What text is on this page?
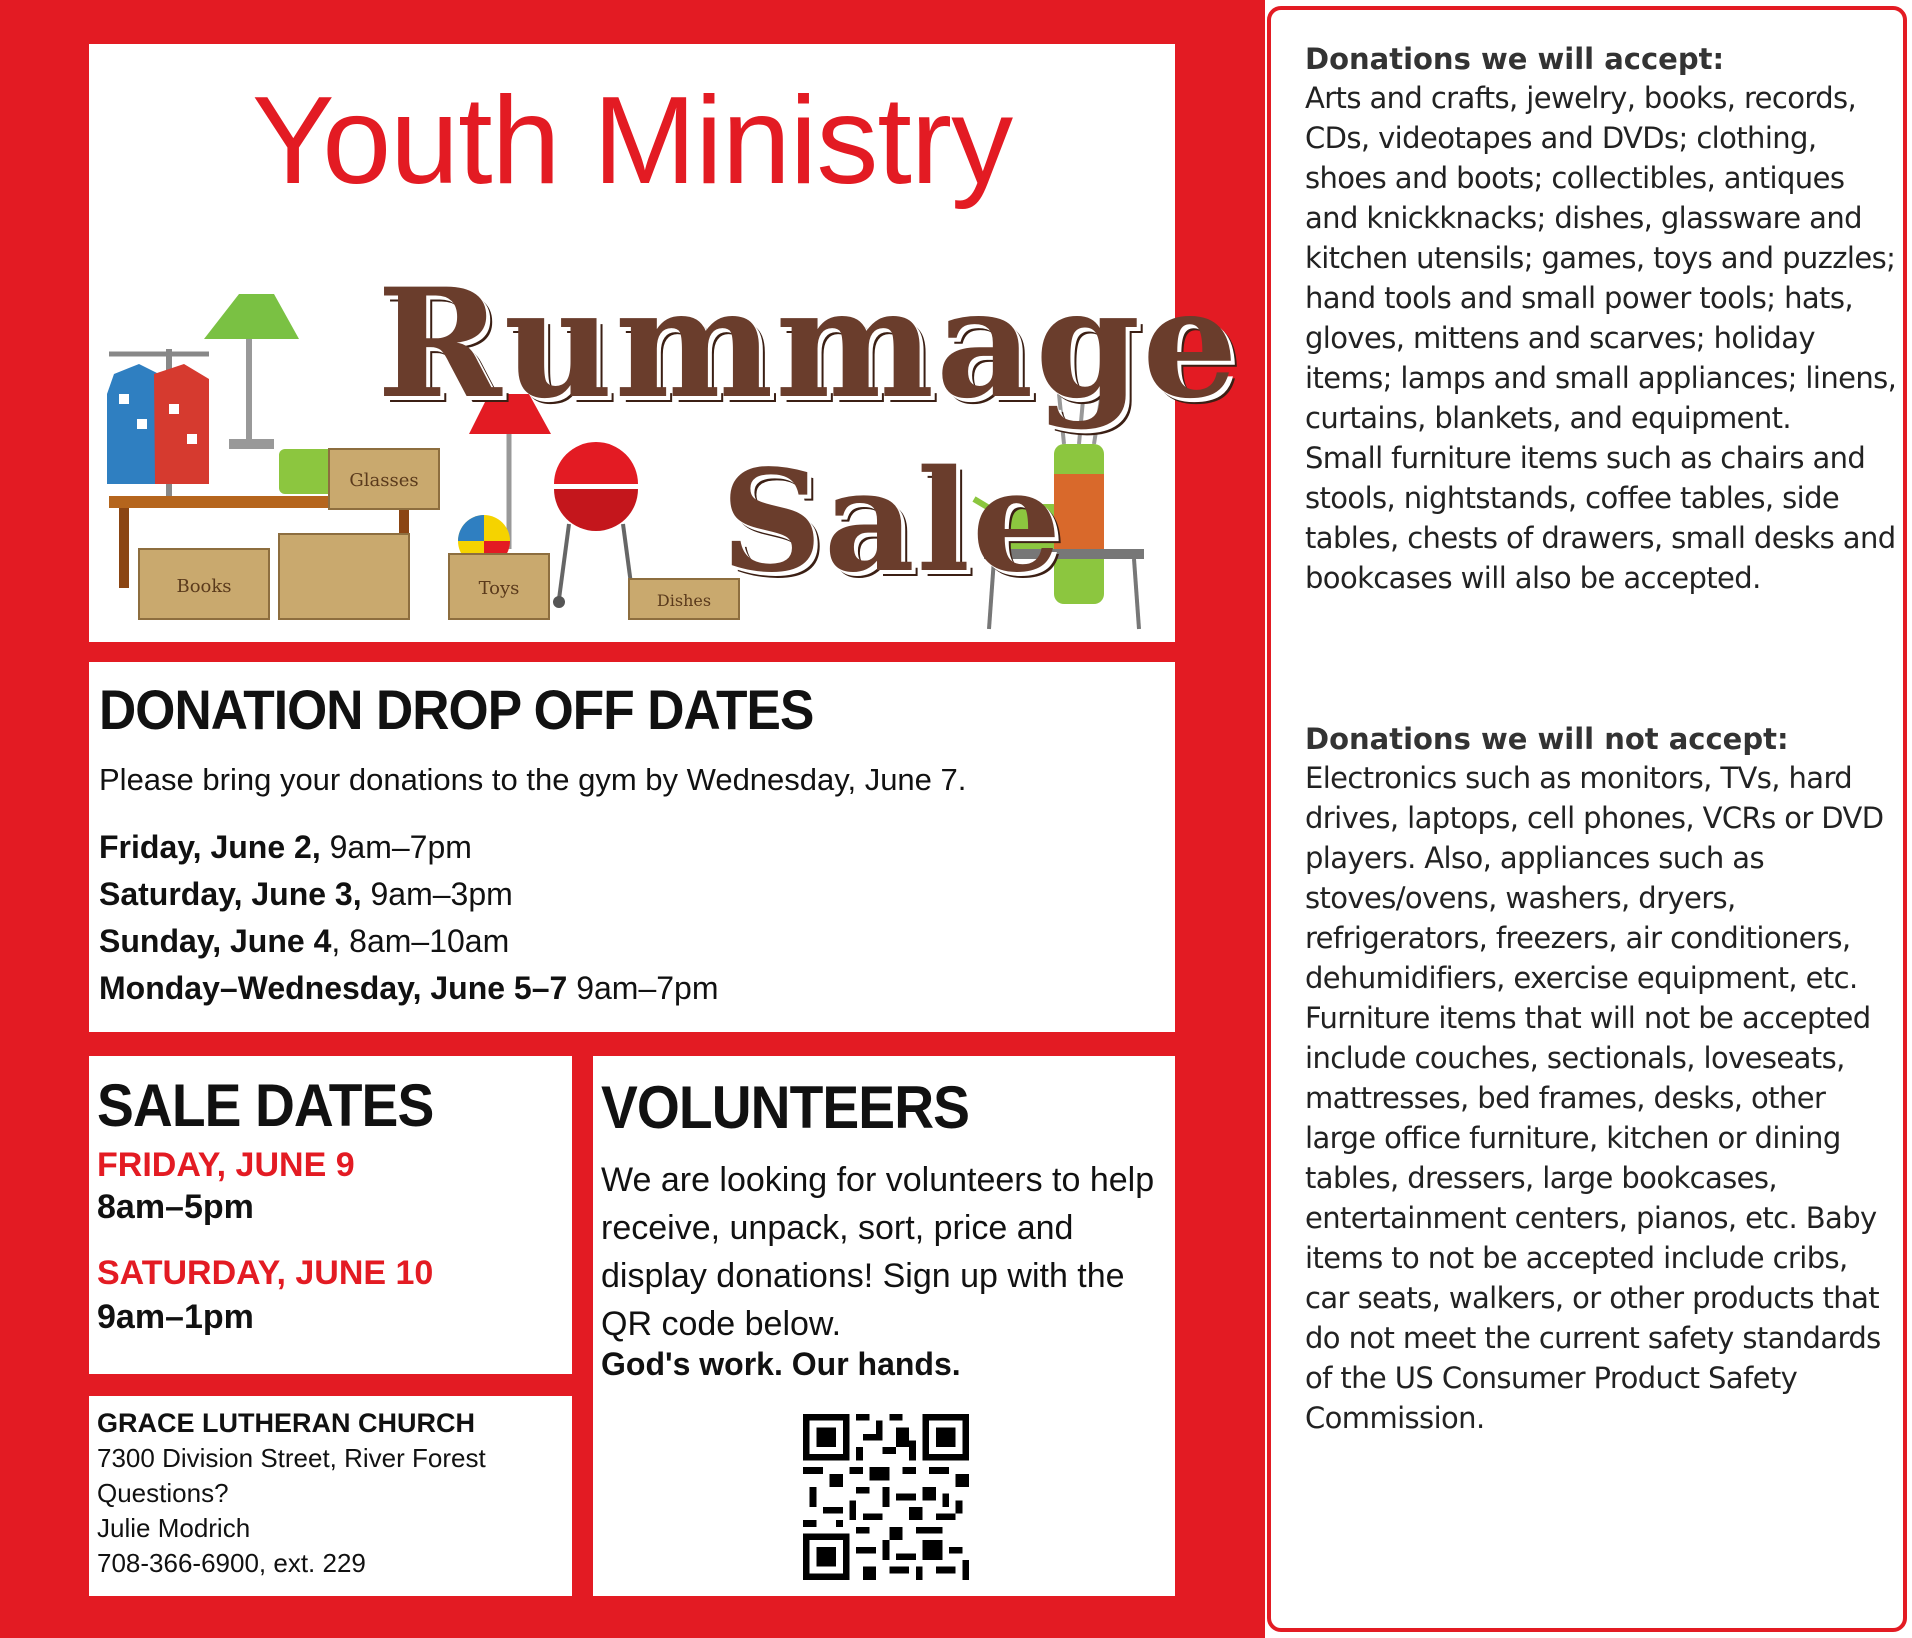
Books
Glasses
Toys
Dishes
Youth Ministry
Rummage
Sale
DONATION DROP OFF DATES
Please bring your donations to the gym by Wednesday, June 7.
Friday, June 2, 9am–7pm
Saturday, June 3, 9am–3pm
Sunday, June 4, 8am–10am
Monday–Wednesday, June 5–7 9am–7pm
SALE DATES
FRIDAY, JUNE 9
8am–5pm
SATURDAY, JUNE 10
9am–1pm
GRACE LUTHERAN CHURCH
7300 Division Street, River Forest
Questions?
Julie Modrich
708-366-6900, ext. 229
VOLUNTEERS
We are looking for volunteers to help receive, unpack, sort, price and display donations! Sign up with the QR code below.
God's work. Our hands.
Donations we will accept:
Arts and crafts, jewelry, books, records, CDs, videotapes and DVDs; clothing, shoes and boots; collectibles, antiques and knickknacks; dishes, glassware and kitchen utensils; games, toys and puzzles; hand tools and small power tools; hats, gloves, mittens and scarves; holiday items; lamps and small appliances; linens, curtains, blankets, and equipment.
Small furniture items such as chairs and stools, nightstands, coffee tables, side tables, chests of drawers, small desks and bookcases will also be accepted.
Donations we will not accept:
Electronics such as monitors, TVs, hard drives, laptops, cell phones, VCRs or DVD players. Also, appliances such as stoves/ovens, washers, dryers, refrigerators, freezers, air conditioners, dehumidifiers, exercise equipment, etc. Furniture items that will not be accepted include couches, sectionals, loveseats, mattresses, bed frames, desks, other large office furniture, kitchen or dining tables, dressers, large bookcases, entertainment centers, pianos, etc. Baby items to not be accepted include cribs, car seats, walkers, or other products that do not meet the current safety standards of the US Consumer Product Safety Commission.
